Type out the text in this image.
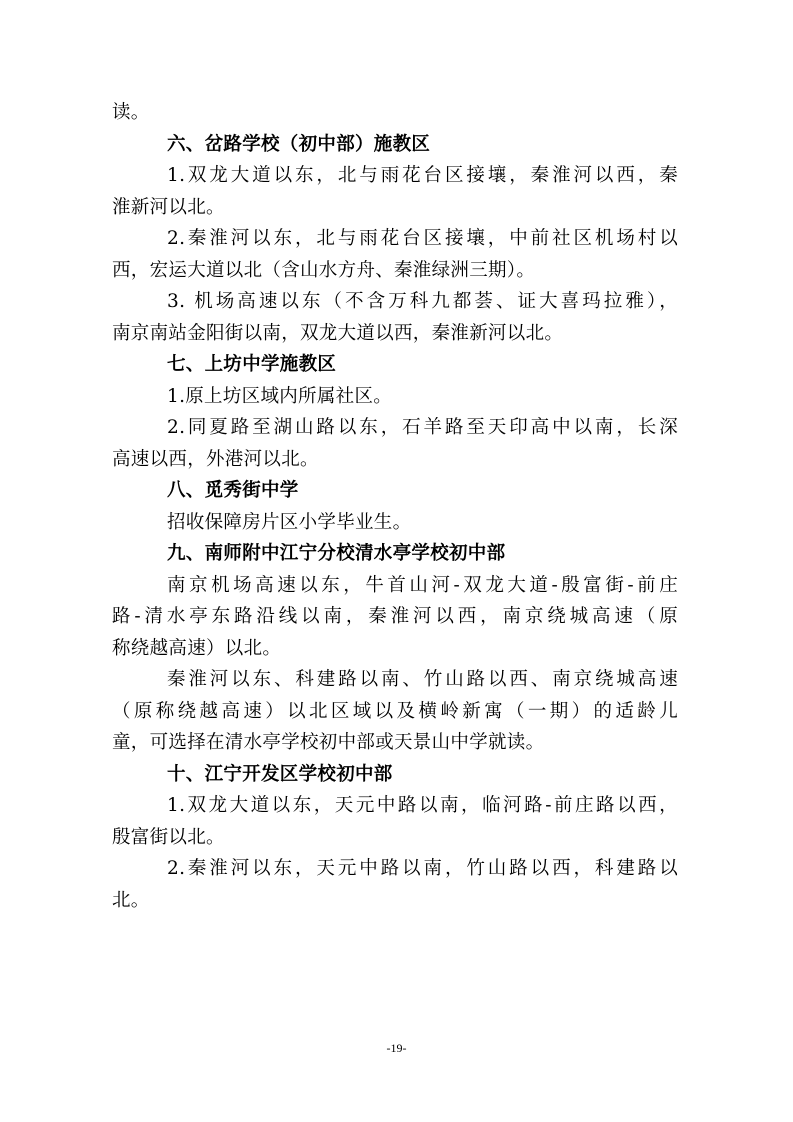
读。
六、岔路学校（初中部）施教区
1.双龙大道以东，北与雨花台区接壤，秦淮河以西，秦
淮新河以北。
2.秦淮河以东，北与雨花台区接壤，中前社区机场村以
西，宏运大道以北（含山水方舟、秦淮绿洲三期）。
3. 机场高速以东（不含万科九都荟、证大喜玛拉雅），
南京南站金阳街以南，双龙大道以西，秦淮新河以北。
七、上坊中学施教区
1.原上坊区域内所属社区。
2.同夏路至湖山路以东，石羊路至天印高中以南，长深
高速以西，外港河以北。
八、觅秀街中学
招收保障房片区小学毕业生。
九、南师附中江宁分校清水亭学校初中部
南京机场高速以东，牛首山河-双龙大道-殷富街-前庄
路-清水亭东路沿线以南，秦淮河以西，南京绕城高速（原
称绕越高速）以北。
秦淮河以东、科建路以南、竹山路以西、南京绕城高速
（原称绕越高速）以北区域以及横岭新寓（一期）的适龄儿
童，可选择在清水亭学校初中部或天景山中学就读。
十、江宁开发区学校初中部
1.双龙大道以东，天元中路以南，临河路-前庄路以西，
殷富街以北。
2.秦淮河以东，天元中路以南，竹山路以西，科建路以
北。
-19-
